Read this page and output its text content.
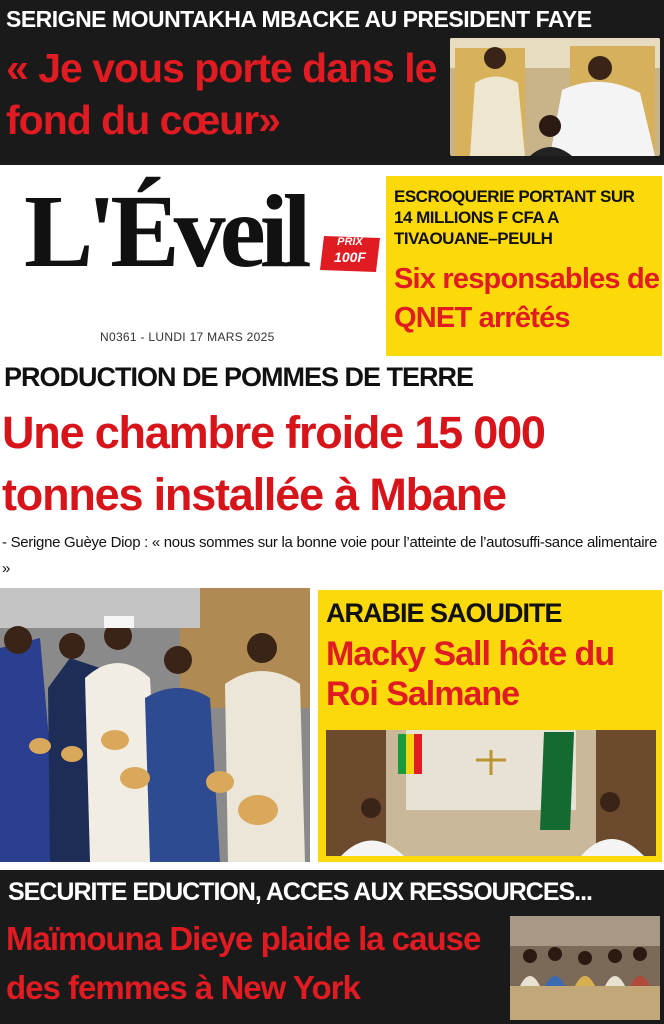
SERIGNE MOUNTAKHA MBACKE AU PRESIDENT FAYE
« Je vous porte dans le fond du cœur»
L'Éveil	PRIX
100F
N0361 - LUNDI 17 MARS 2025
ESCROQUERIE PORTANT SUR 14 MILLIONS F CFA A TIVAOUANE–PEULH
Six responsables de QNET arrêtés
PRODUCTION DE POMMES DE TERRE
Une chambre froide 15 000 tonnes installée à Mbane
- Serigne Guèye Diop : « nous sommes sur la bonne voie pour l’atteinte de l’autosuffi-sance alimentaire »
ARABIE SAOUDITE
Macky Sall hôte du Roi Salmane
SECURITE EDUCTION, ACCES AUX RESSOURCES...
Maïmouna Dieye plaide la cause des femmes à New York
